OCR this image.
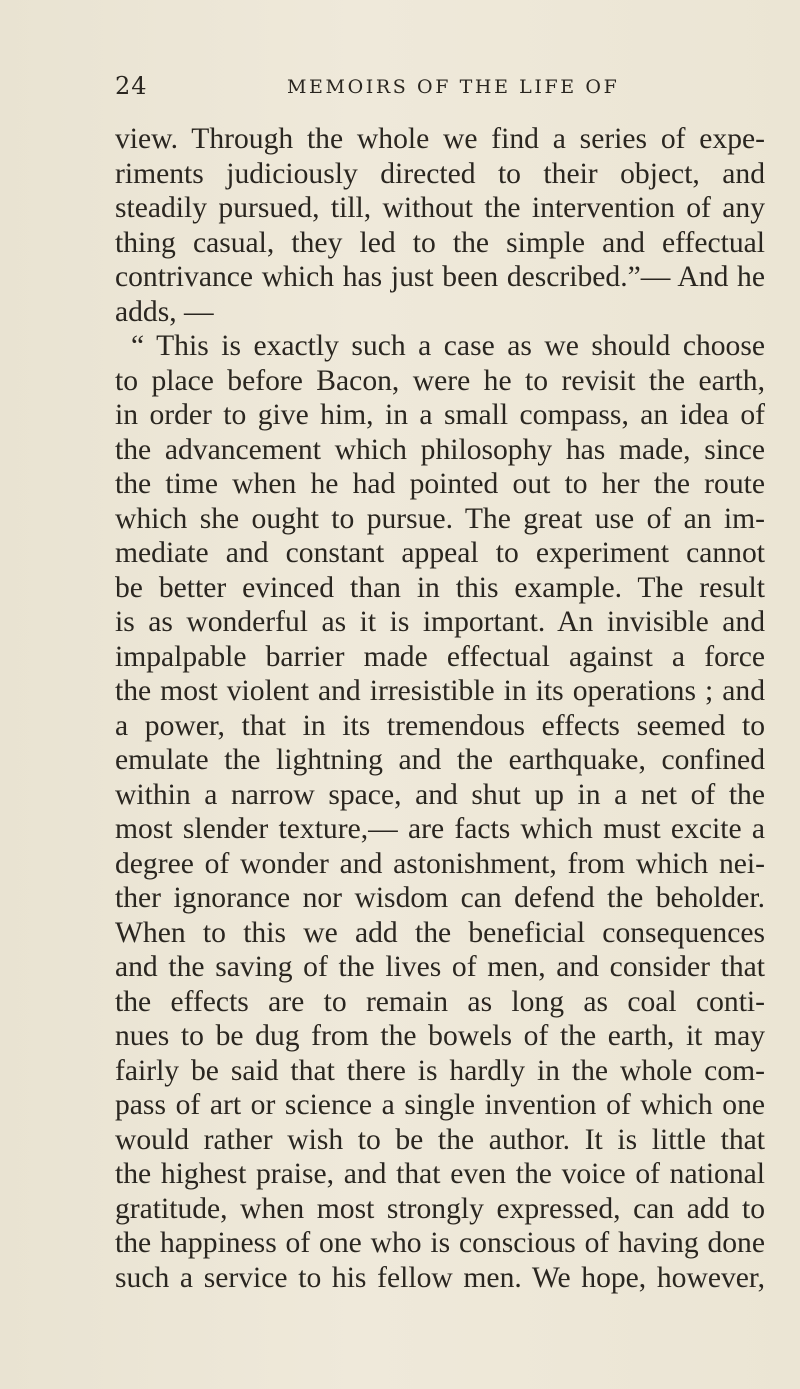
24	MEMOIRS OF THE LIFE OF
view. Through the whole we find a series of expe-
riments judiciously directed to their object, and
steadily pursued, till, without the intervention of any
thing casual, they led to the simple and effectual
contrivance which has just been described.”— And he
adds, —
“ This is exactly such a case as we should choose
to place before Bacon, were he to revisit the earth,
in order to give him, in a small compass, an idea of
the advancement which philosophy has made, since
the time when he had pointed out to her the route
which she ought to pursue. The great use of an im-
mediate and constant appeal to experiment cannot
be better evinced than in this example. The result
is as wonderful as it is important. An invisible and
impalpable barrier made effectual against a force
the most violent and irresistible in its operations ; and
a power, that in its tremendous effects seemed to
emulate the lightning and the earthquake, confined
within a narrow space, and shut up in a net of the
most slender texture,— are facts which must excite a
degree of wonder and astonishment, from which nei-
ther ignorance nor wisdom can defend the beholder.
When to this we add the beneficial consequences
and the saving of the lives of men, and consider that
the effects are to remain as long as coal conti-
nues to be dug from the bowels of the earth, it may
fairly be said that there is hardly in the whole com-
pass of art or science a single invention of which one
would rather wish to be the author. It is little that
the highest praise, and that even the voice of national
gratitude, when most strongly expressed, can add to
the happiness of one who is conscious of having done
such a service to his fellow men. We hope, however,
